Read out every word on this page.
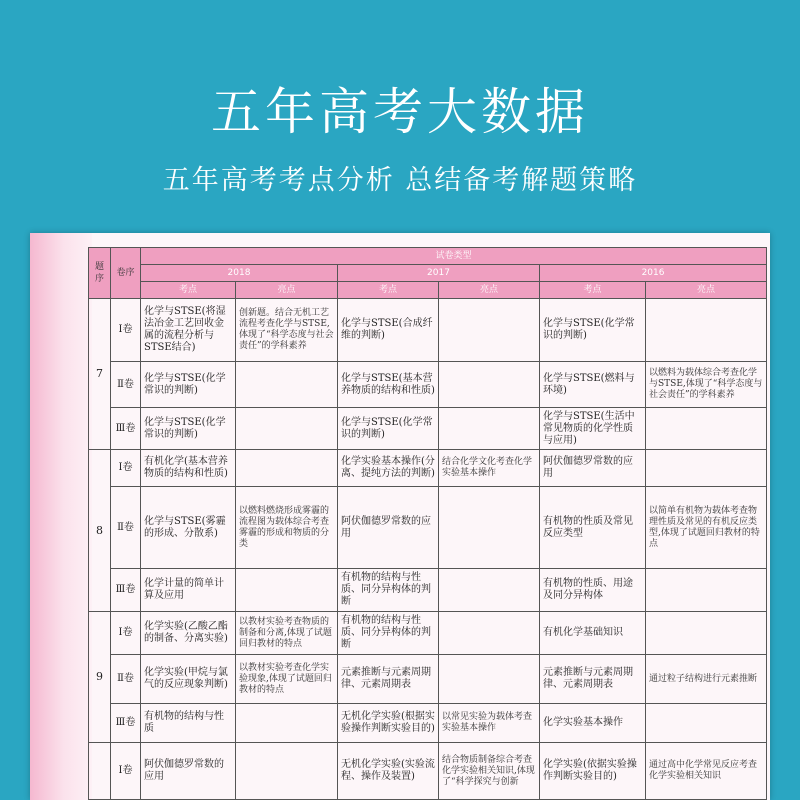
五年高考大数据
五年高考考点分析 总结备考解题策略
题序	卷序	试卷类型					
		2018		2017		2016	
		考点	亮点	考点	亮点	考点	亮点
7	Ⅰ卷	化学与STSE(将湿法冶金工艺回收金属的流程分析与STSE结合)	创新题。结合无机工艺流程考查化学与STSE,体现了“科学态度与社会责任”的学科素养	化学与STSE(合成纤维的判断)		化学与STSE(化学常识的判断)	
	Ⅱ卷	化学与STSE(化学常识的判断)		化学与STSE(基本营养物质的结构和性质)		化学与STSE(燃料与环境)	以燃料为载体综合考查化学与STSE,体现了“科学态度与社会责任”的学科素养
	Ⅲ卷	化学与STSE(化学常识的判断)		化学与STSE(化学常识的判断)		化学与STSE(生活中常见物质的化学性质与应用)	
8	Ⅰ卷	有机化学(基本营养物质的结构和性质)		化学实验基本操作(分离、提纯方法的判断)	结合化学文化考查化学实验基本操作	阿伏伽德罗常数的应用	
	Ⅱ卷	化学与STSE(雾霾的形成、分散系)	以燃料燃烧形成雾霾的流程图为载体综合考查雾霾的形成和物质的分类	阿伏伽德罗常数的应用		有机物的性质及常见反应类型	以简单有机物为载体考查物理性质及常见的有机反应类型,体现了试题回归教材的特点
	Ⅲ卷	化学计量的简单计算及应用		有机物的结构与性质、同分异构体的判断		有机物的性质、用途及同分异构体	
9	Ⅰ卷	化学实验(乙酸乙酯的制备、分离实验)	以教材实验考查物质的制备和分离,体现了试题回归教材的特点	有机物的结构与性质、同分异构体的判断		有机化学基础知识	
	Ⅱ卷	化学实验(甲烷与氯气的反应现象判断)	以教材实验考查化学实验现象,体现了试题回归教材的特点	元素推断与元素周期律、元素周期表		元素推断与元素周期律、元素周期表	通过粒子结构进行元素推断
	Ⅲ卷	有机物的结构与性质		无机化学实验(根据实验操作判断实验目的)	以常见实验为载体考查实验基本操作	化学实验基本操作	
	Ⅰ卷	阿伏伽德罗常数的应用		无机化学实验(实验流程、操作及装置)	结合物质制备综合考查化学实验相关知识,体现了“科学探究与创新	化学实验(依据实验操作判断实验目的)	通过高中化学常见反应考查化学实验相关知识
